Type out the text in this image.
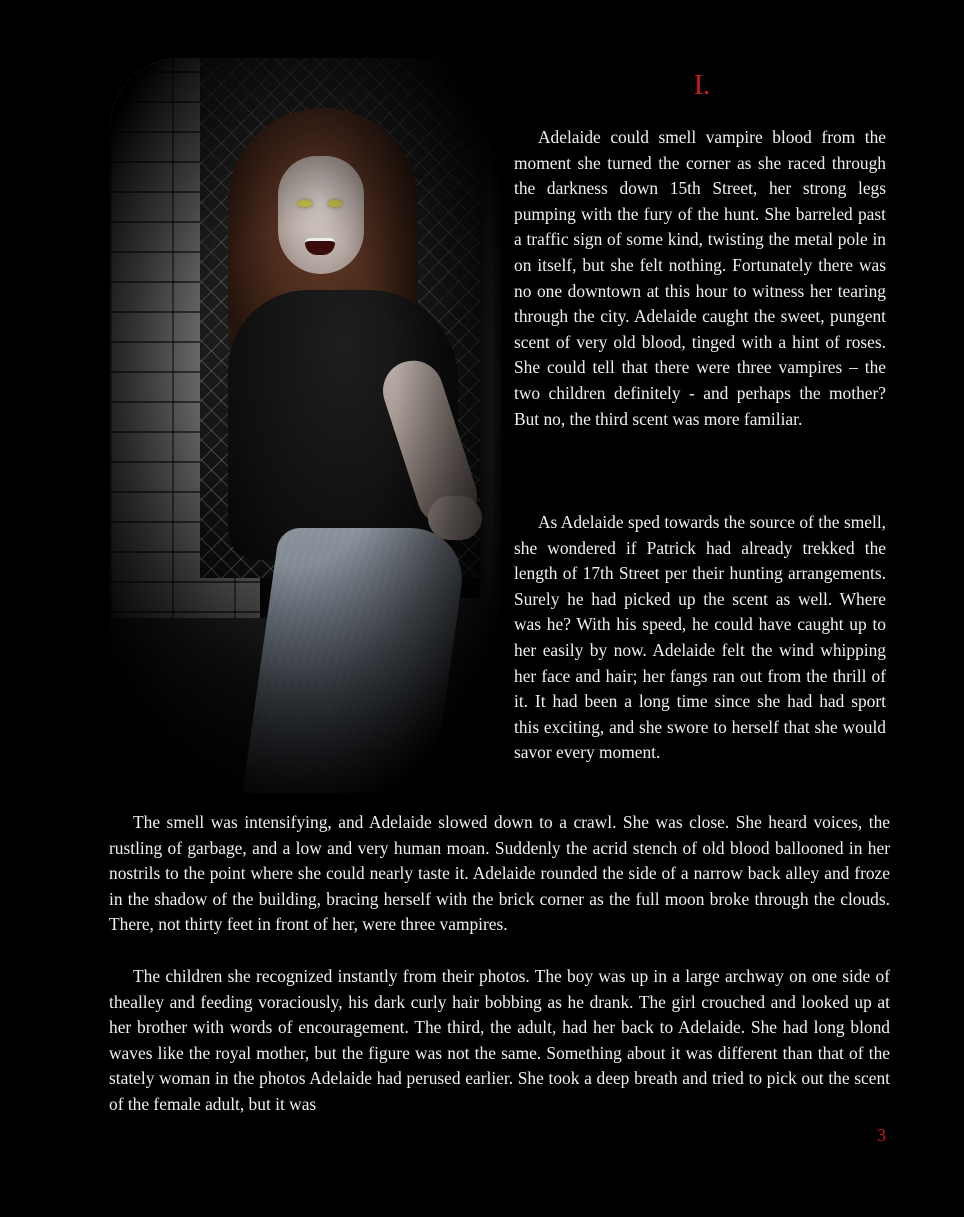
I.

Adelaide could smell vampire blood from the moment she turned the corner as she raced through the darkness down 15th Street, her strong legs pumping with the fury of the hunt. She barreled past a traffic sign of some kind, twisting the metal pole in on itself, but she felt nothing. Fortunately there was no one downtown at this hour to witness her tearing through the city. Adelaide caught the sweet, pungent scent of very old blood, tinged with a hint of roses. She could tell that there were three vampires – the two children definitely - and perhaps the mother? But no, the third scent was more familiar.

As Adelaide sped towards the source of the smell, she wondered if Patrick had already trekked the length of 17th Street per their hunting arrangements. Surely he had picked up the scent as well. Where was he? With his speed, he could have caught up to her easily by now. Adelaide felt the wind whipping her face and hair; her fangs ran out from the thrill of it. It had been a long time since she had had sport this exciting, and she swore to herself that she would savor every moment.

The smell was intensifying, and Adelaide slowed down to a crawl. She was close. She heard voices, the rustling of garbage, and a low and very human moan. Suddenly the acrid stench of old blood ballooned in her nostrils to the point where she could nearly taste it. Adelaide rounded the side of a narrow back alley and froze in the shadow of the building, bracing herself with the brick corner as the full moon broke through the clouds. There, not thirty feet in front of her, were three vampires.

The children she recognized instantly from their photos. The boy was up in a large archway on one side of thealley and feeding voraciously, his dark curly hair bobbing as he drank. The girl crouched and looked up at her brother with words of encouragement. The third, the adult, had her back to Adelaide. She had long blond waves like the royal mother, but the figure was not the same. Something about it was different than that of the stately woman in the photos Adelaide had perused earlier. She took a deep breath and tried to pick out the scent of the female adult, but it was

3
